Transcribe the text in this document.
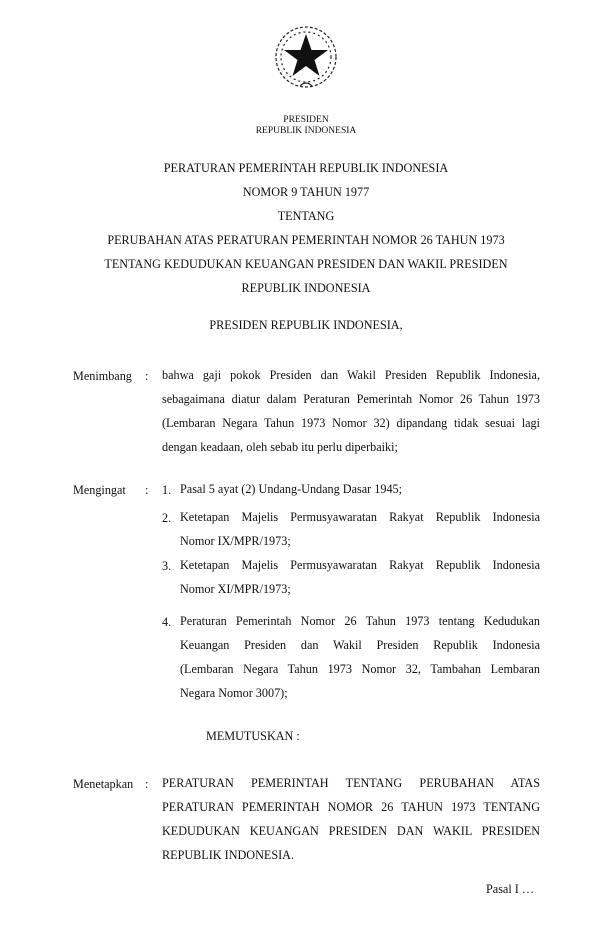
PRESIDEN
REPUBLIK INDONESIA
PERATURAN PEMERINTAH REPUBLIK INDONESIA
NOMOR 9 TAHUN 1977
TENTANG
PERUBAHAN ATAS PERATURAN PEMERINTAH NOMOR 26 TAHUN 1973
TENTANG KEDUDUKAN KEUANGAN PRESIDEN DAN WAKIL PRESIDEN
REPUBLIK INDONESIA
PRESIDEN REPUBLIK INDONESIA,
Menimbang : bahwa gaji pokok Presiden dan Wakil Presiden Republik Indonesia,
sebagaimana diatur dalam Peraturan Pemerintah Nomor 26 Tahun 1973
(Lembaran Negara Tahun 1973 Nomor 32) dipandang tidak sesuai lagi
dengan keadaan, oleh sebab itu perlu diperbaiki;
Mengingat : 1. Pasal 5 ayat (2) Undang-Undang Dasar 1945;
2. Ketetapan Majelis Permusyawaratan Rakyat Republik Indonesia
Nomor IX/MPR/1973;
3. Ketetapan Majelis Permusyawaratan Rakyat Republik Indonesia
Nomor XI/MPR/1973;
4. Peraturan Pemerintah Nomor 26 Tahun 1973 tentang Kedudukan
Keuangan Presiden dan Wakil Presiden Republik Indonesia
(Lembaran Negara Tahun 1973 Nomor 32, Tambahan Lembaran
Negara Nomor 3007);
MEMUTUSKAN :
Menetapkan : PERATURAN PEMERINTAH TENTANG PERUBAHAN ATAS
PERATURAN PEMERINTAH NOMOR 26 TAHUN 1973 TENTANG
KEDUDUKAN KEUANGAN PRESIDEN DAN WAKIL PRESIDEN
REPUBLIK INDONESIA.
Pasal I …
